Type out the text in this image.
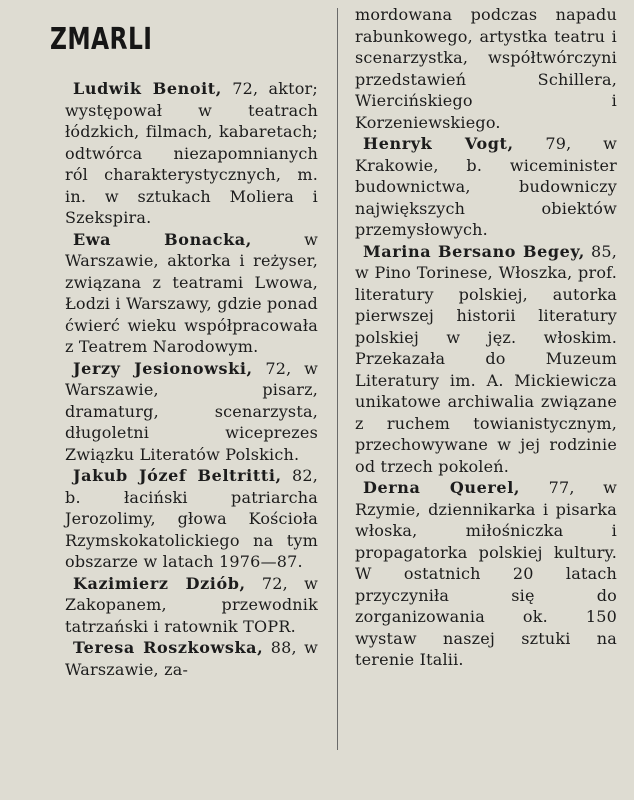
ZMARLI

Ludwik Benoit, 72, aktor; występował w teatrach łódzkich, filmach, kabaretach; odtwórca niezapomnianych ról charakterystycznych, m. in. w sztukach Moliera i Szekspira.

Ewa Bonacka, w Warszawie, aktorka i reżyser, związana z teatrami Lwowa, Łodzi i Warszawy, gdzie ponad ćwierć wieku współpracowała z Teatrem Narodowym.

Jerzy Jesionowski, 72, w Warszawie, pisarz, dramaturg, scenarzysta, długoletni wiceprezes Związku Literatów Polskich.

Jakub Józef Beltritti, 82, b. łaciński patriarcha Jerozolimy, głowa Kościoła Rzymskokatolickiego na tym obszarze w latach 1976—87.

Kazimierz Dziób, 72, w Zakopanem, przewodnik tatrzański i ratownik TOPR.

Teresa Roszkowska, 88, w Warszawie, za-

mordowana podczas napadu rabunkowego, artystka teatru i scenarzystka, współtwórczyni przedstawień Schillera, Wiercińskiego i Korzeniewskiego.

Henryk Vogt, 79, w Krakowie, b. wiceminister budownictwa, budowniczy największych obiektów przemysłowych.

Marina Bersano Begey, 85, w Pino Torinese, Włoszka, prof. literatury polskiej, autorka pierwszej historii literatury polskiej w jęz. włoskim. Przekazała do Muzeum Literatury im. A. Mickiewicza unikatowe archiwalia związane z ruchem towianistycznym, przechowywane w jej rodzinie od trzech pokoleń.

Derna Querel, 77, w Rzymie, dziennikarka i pisarka włoska, miłośniczka i propagatorka polskiej kultury. W ostatnich 20 latach przyczyniła się do zorganizowania ok. 150 wystaw naszej sztuki na terenie Italii.
